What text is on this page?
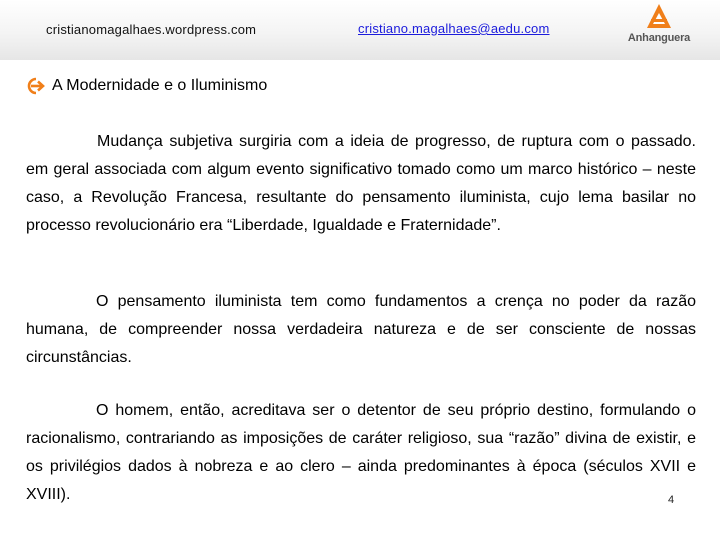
cristianomagalhaes.wordpress.com	cristiano.magalhaes@aedu.com
Anhanguera
A Modernidade e o Iluminismo

Mudança subjetiva surgiria com a ideia de progresso, de ruptura com o passado. em geral associada com algum evento significativo tomado como um marco histórico – neste caso, a Revolução Francesa, resultante do pensamento iluminista, cujo lema basilar no processo revolucionário era “Liberdade, Igualdade e Fraternidade”.

O pensamento iluminista tem como fundamentos a crença no poder da razão humana, de compreender nossa verdadeira natureza e de ser consciente de nossas circunstâncias.

O homem, então, acreditava ser o detentor de seu próprio destino, formulando o racionalismo, contrariando as imposições de caráter religioso, sua “razão” divina de existir, e os privilégios dados à nobreza e ao clero – ainda predominantes à época (séculos XVII e XVIII).	4
